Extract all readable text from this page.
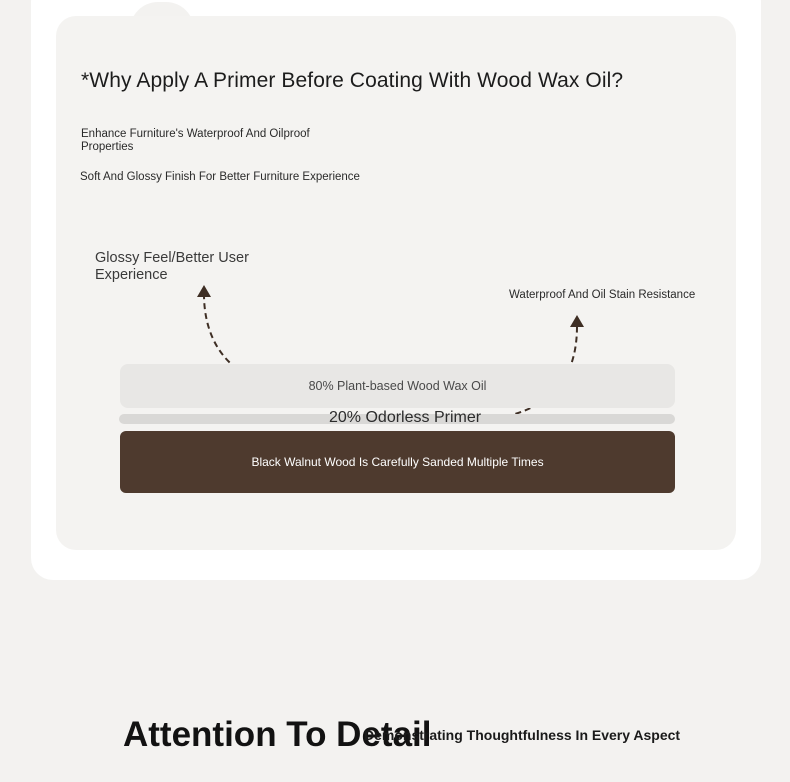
*Why Apply A Primer Before Coating With Wood Wax Oil?
Enhance Furniture's Waterproof And Oilproof Properties
Soft And Glossy Finish For Better Furniture Experience
Glossy Feel/Better User Experience
Waterproof And Oil Stain Resistance
80% Plant-based Wood Wax Oil
20% Odorless Primer
Black Walnut Wood Is Carefully Sanded Multiple Times
Attention To Detail
Demonstrating Thoughtfulness In Every Aspect
